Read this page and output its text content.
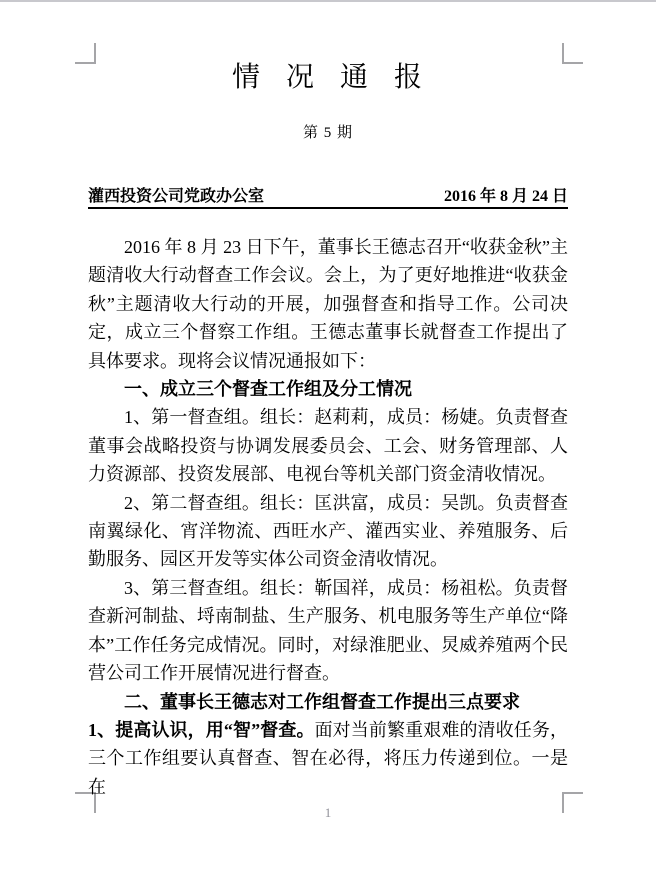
情  况  通  报
第 5 期
灌西投资公司党政办公室	2016 年 8 月 24 日

2016 年 8 月 23 日下午，董事长王德志召开“收获金秋”主题清收大行动督查工作会议。会上，为了更好地推进“收获金秋”主题清收大行动的开展，加强督查和指导工作。公司决定，成立三个督察工作组。王德志董事长就督查工作提出了具体要求。现将会议情况通报如下：

一、成立三个督查工作组及分工情况

1、第一督查组。组长：赵莉莉，成员：杨婕。负责督查董事会战略投资与协调发展委员会、工会、财务管理部、人力资源部、投资发展部、电视台等机关部门资金清收情况。

2、第二督查组。组长：匡洪富，成员：吴凯。负责督查南翼绿化、宵洋物流、西旺水产、灌西实业、养殖服务、后勤服务、园区开发等实体公司资金清收情况。

3、第三督查组。组长：靳国祥，成员：杨祖松。负责督查新河制盐、埒南制盐、生产服务、机电服务等生产单位“降本”工作任务完成情况。同时，对绿淮肥业、炅威养殖两个民营公司工作开展情况进行督查。

二、董事长王德志对工作组督查工作提出三点要求

1、提高认识，用“智”督查。面对当前繁重艰难的清收任务，三个工作组要认真督查、智在必得，将压力传递到位。一是在

1
